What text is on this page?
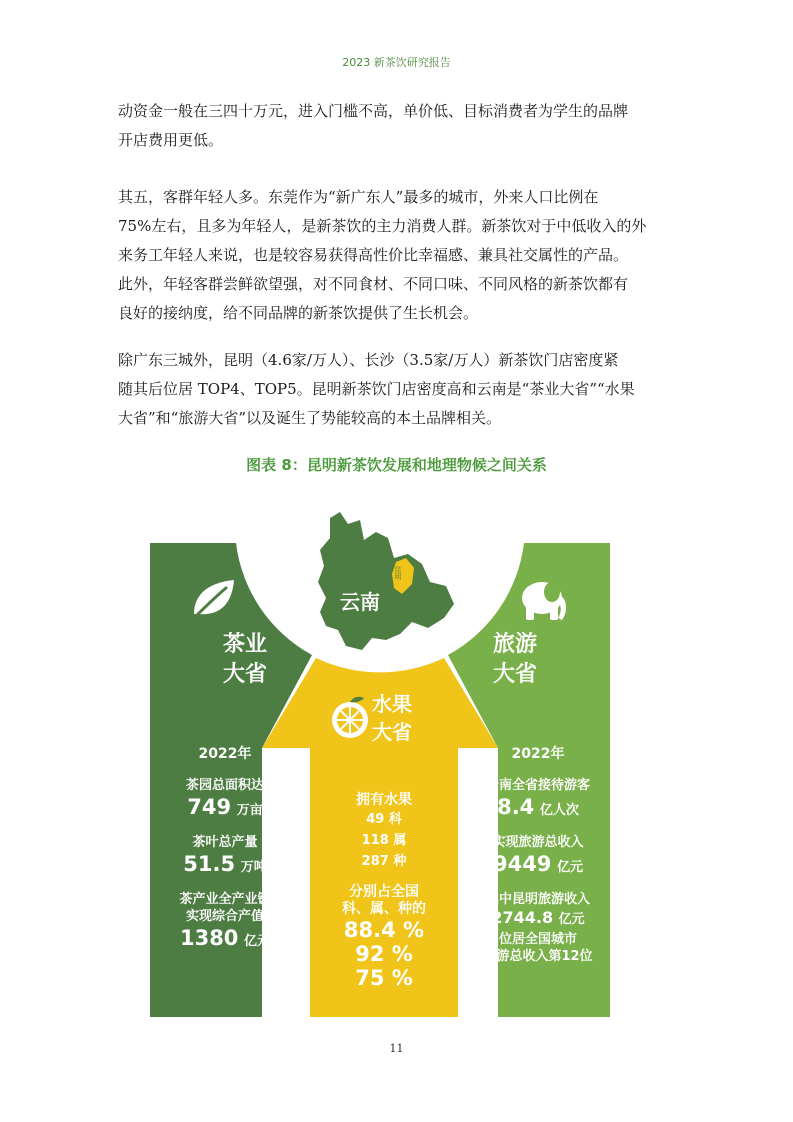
2023 新茶饮研究报告

动资金一般在三四十万元，进入门槛不高，单价低、目标消费者为学生的品牌

开店费用更低。

其五，客群年轻人多。东莞作为“新广东人”最多的城市，外来人口比例在

75%左右，且多为年轻人，是新茶饮的主力消费人群。新茶饮对于中低收入的外

来务工年轻人来说，也是较容易获得高性价比幸福感、兼具社交属性的产品。

此外，年轻客群尝鲜欲望强，对不同食材、不同口味、不同风格的新茶饮都有

良好的接纳度，给不同品牌的新茶饮提供了生长机会。

除广东三城外，昆明（4.6家/万人）、长沙（3.5家/万人）新茶饮门店密度紧

随其后位居 TOP4、TOP5。昆明新茶饮门店密度高和云南是“茶业大省”“水果

大省”和“旅游大省”以及诞生了势能较高的本土品牌相关。

图表 8：昆明新茶饮发展和地理物候之间关系
云南
昆明
茶业
大省
旅游
大省
水果
大省
2022年
茶园总面积达
749 万亩
茶叶总产量
51.5 万吨
茶产业全产业链
实现综合产值
1380 亿元
拥有水果
49 科
118 属
287 种
分别占全国
科、属、种的
88.4 %
92 %
75 %
2022年
云南全省接待游客
8.4 亿人次
实现旅游总收入
9449 亿元
其中昆明旅游收入
2744.8 亿元
位居全国城市
旅游总收入第12位
11
